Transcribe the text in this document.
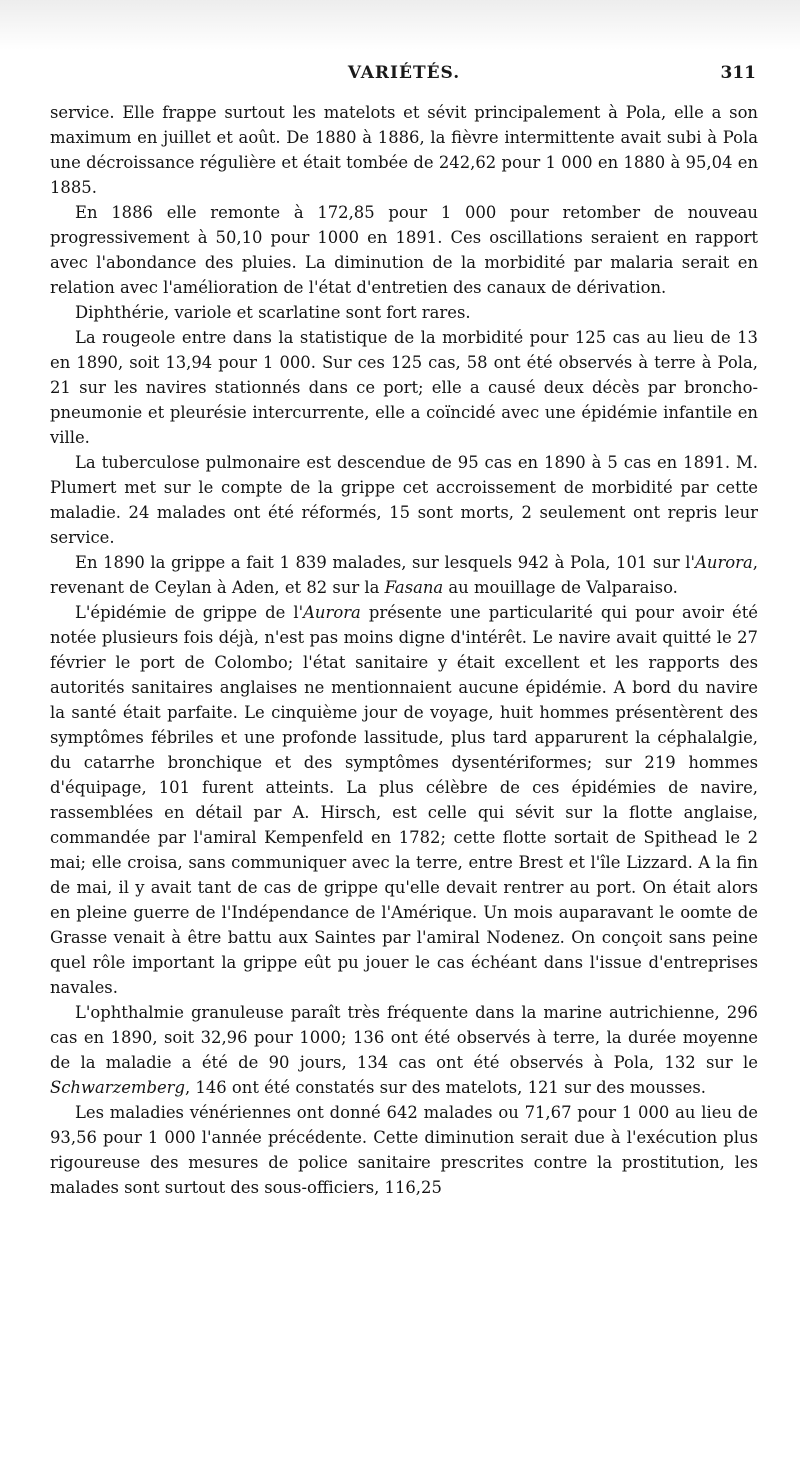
VARIÉTÉS.	311

service. Elle frappe surtout les matelots et sévit principalement à Pola, elle a son maximum en juillet et août. De 1880 à 1886, la fièvre intermittente avait subi à Pola une décroissance régulière et était tombée de 242,62 pour 1 000 en 1880 à 95,04 en 1885.

En 1886 elle remonte à 172,85 pour 1 000 pour retomber de nouveau progressivement à 50,10 pour 1000 en 1891. Ces oscillations seraient en rapport avec l'abondance des pluies. La diminution de la morbidité par malaria serait en relation avec l'amélioration de l'état d'entretien des canaux de dérivation.

Diphthérie, variole et scarlatine sont fort rares.

La rougeole entre dans la statistique de la morbidité pour 125 cas au lieu de 13 en 1890, soit 13,94 pour 1 000. Sur ces 125 cas, 58 ont été observés à terre à Pola, 21 sur les navires stationnés dans ce port; elle a causé deux décès par broncho-pneumonie et pleurésie intercurrente, elle a coïncidé avec une épidémie infantile en ville.

La tuberculose pulmonaire est descendue de 95 cas en 1890 à 5 cas en 1891. M. Plumert met sur le compte de la grippe cet accroissement de morbidité par cette maladie. 24 malades ont été réformés, 15 sont morts, 2 seulement ont repris leur service.

En 1890 la grippe a fait 1 839 malades, sur lesquels 942 à Pola, 101 sur l'Aurora, revenant de Ceylan à Aden, et 82 sur la Fasana au mouillage de Valparaiso.

L'épidémie de grippe de l'Aurora présente une particularité qui pour avoir été notée plusieurs fois déjà, n'est pas moins digne d'intérêt. Le navire avait quitté le 27 février le port de Colombo; l'état sanitaire y était excellent et les rapports des autorités sanitaires anglaises ne mentionnaient aucune épidémie. A bord du navire la santé était parfaite. Le cinquième jour de voyage, huit hommes présentèrent des symptômes fébriles et une profonde lassitude, plus tard apparurent la céphalalgie, du catarrhe bronchique et des symptômes dysentériformes; sur 219 hommes d'équipage, 101 furent atteints. La plus célèbre de ces épidémies de navire, rassemblées en détail par A. Hirsch, est celle qui sévit sur la flotte anglaise, commandée par l'amiral Kempenfeld en 1782; cette flotte sortait de Spithead le 2 mai; elle croisa, sans communiquer avec la terre, entre Brest et l'île Lizzard. A la fin de mai, il y avait tant de cas de grippe qu'elle devait rentrer au port. On était alors en pleine guerre de l'Indépendance de l'Amérique. Un mois auparavant le oomte de Grasse venait à être battu aux Saintes par l'amiral Nodenez. On conçoit sans peine quel rôle important la grippe eût pu jouer le cas échéant dans l'issue d'entreprises navales.

L'ophthalmie granuleuse paraît très fréquente dans la marine autrichienne, 296 cas en 1890, soit 32,96 pour 1000; 136 ont été observés à terre, la durée moyenne de la maladie a été de 90 jours, 134 cas ont été observés à Pola, 132 sur le Schwarzemberg, 146 ont été constatés sur des matelots, 121 sur des mousses.

Les maladies vénériennes ont donné 642 malades ou 71,67 pour 1 000 au lieu de 93,56 pour 1 000 l'année précédente. Cette diminution serait due à l'exécution plus rigoureuse des mesures de police sanitaire prescrites contre la prostitution, les malades sont surtout des sous-officiers, 116,25
